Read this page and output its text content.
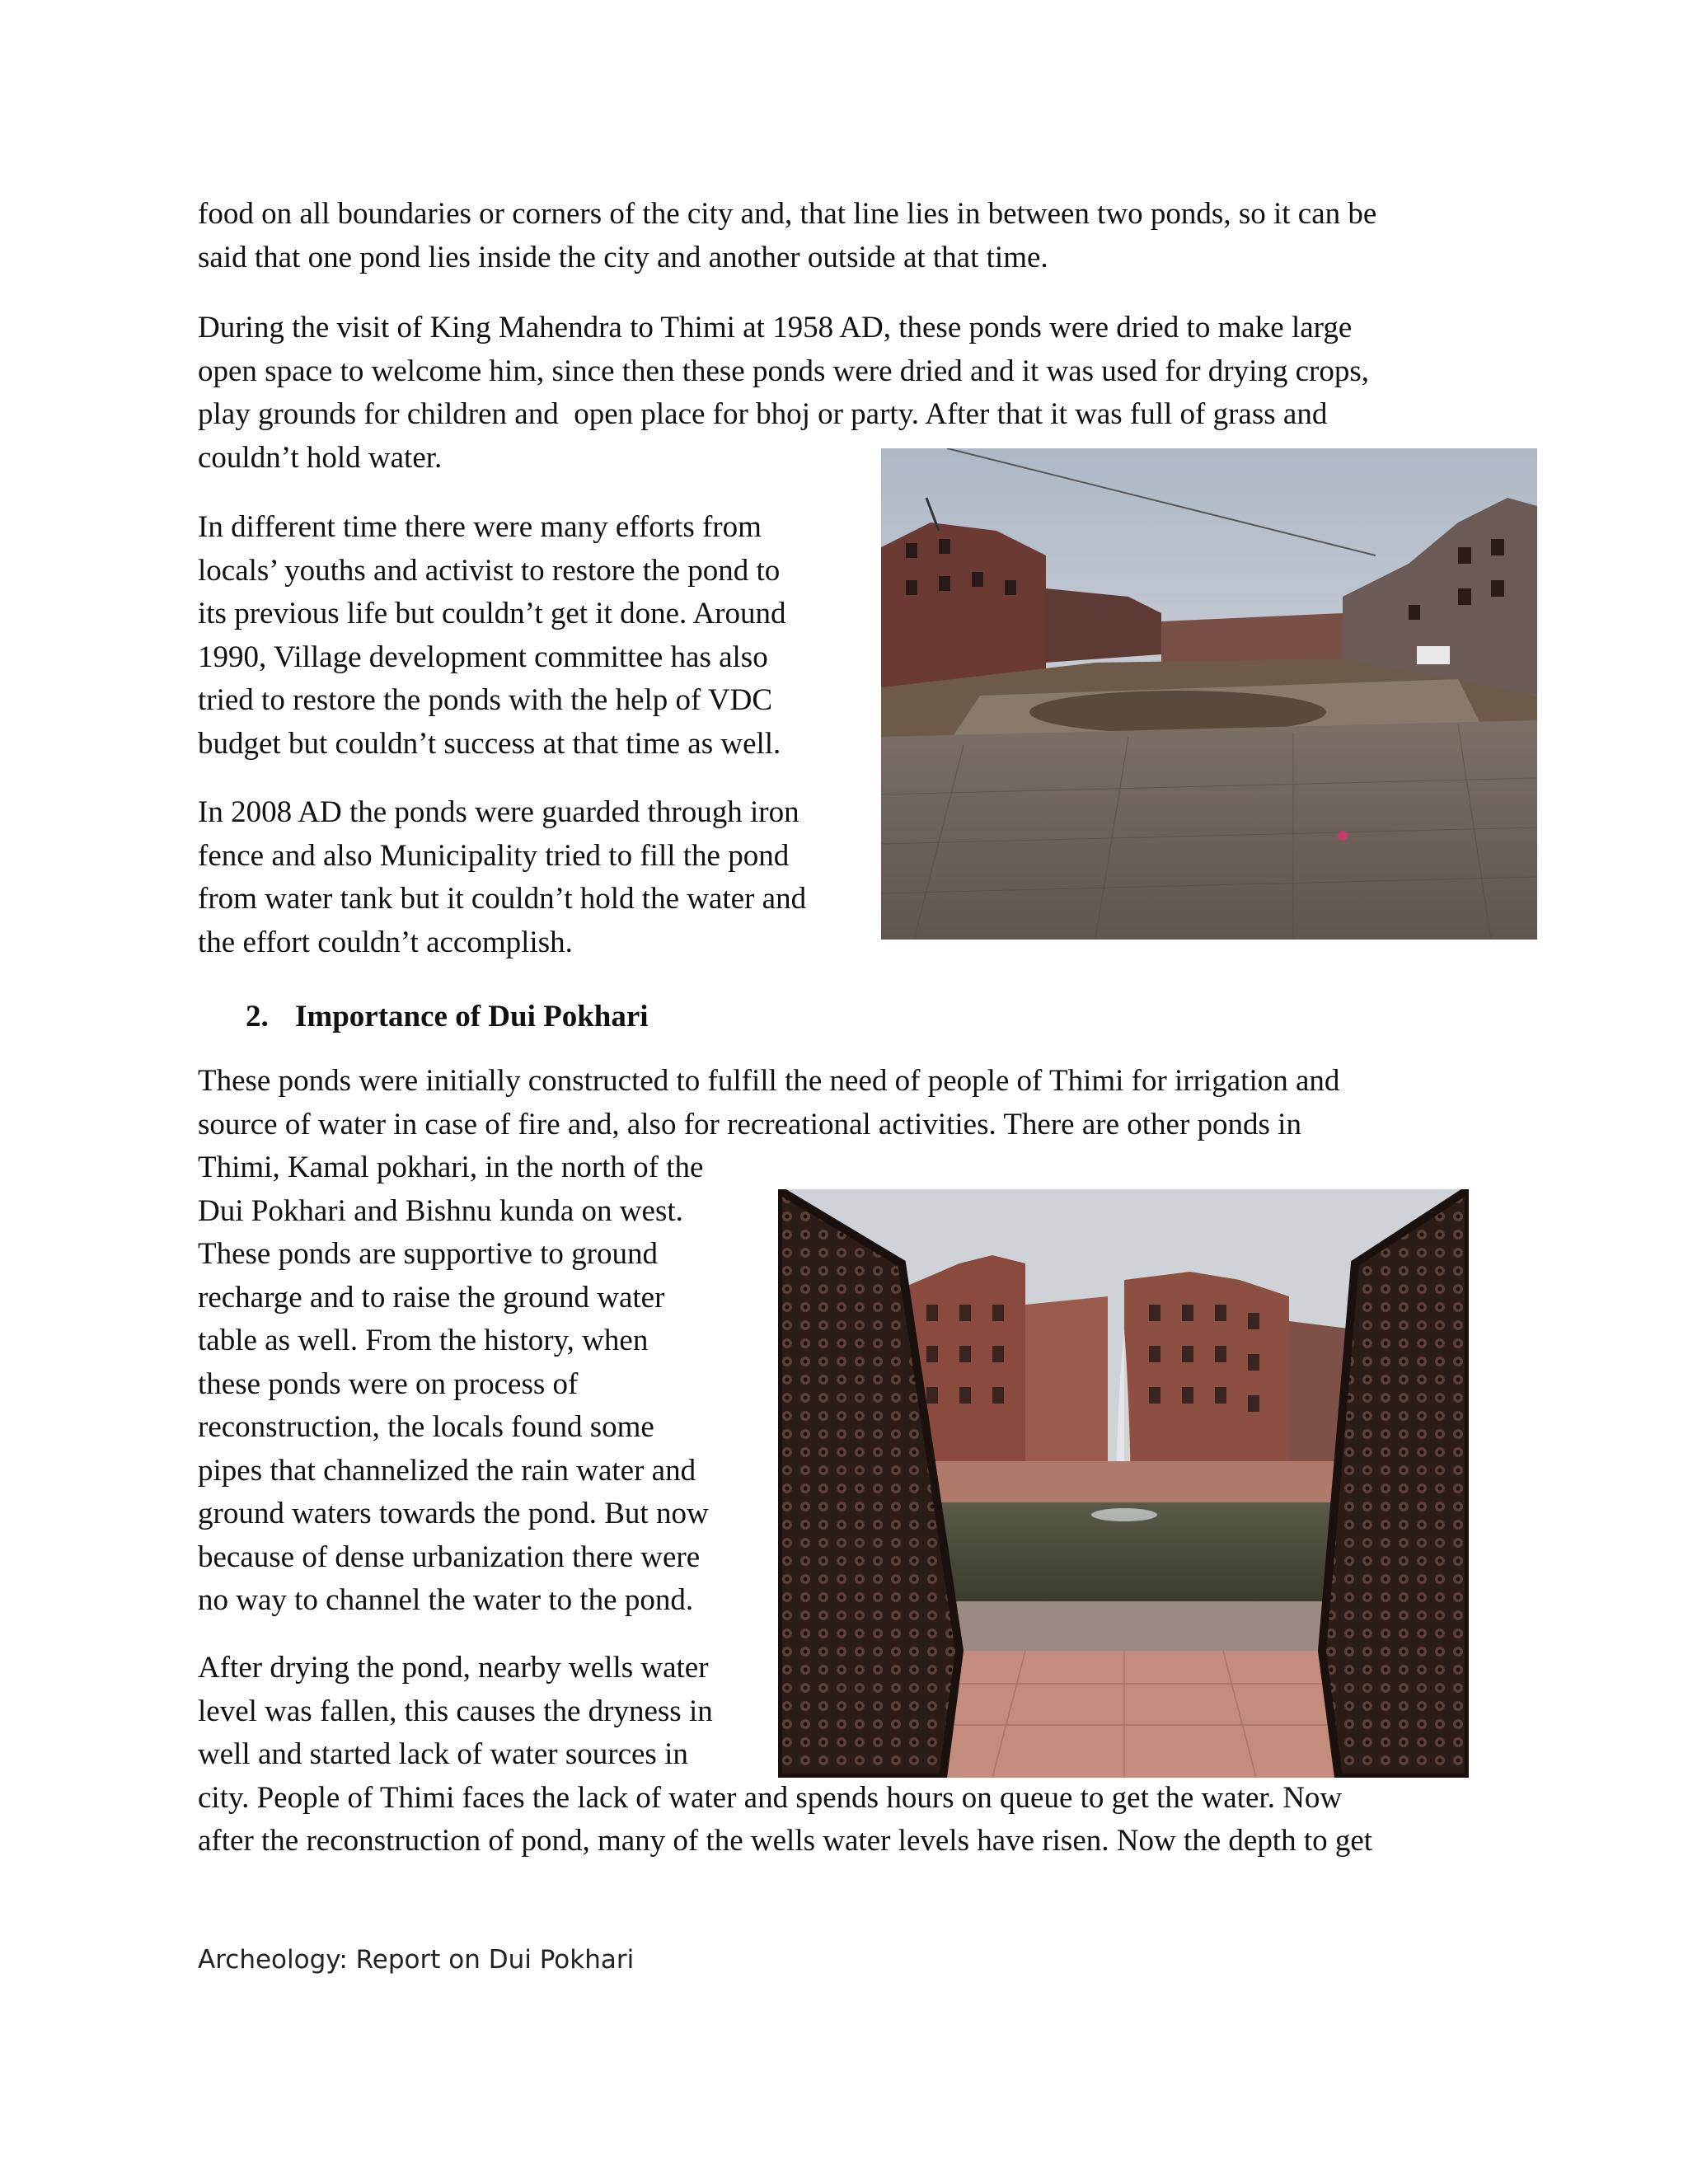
food on all boundaries or corners of the city and, that line lies in between two ponds, so it can be
said that one pond lies inside the city and another outside at that time.

During the visit of King Mahendra to Thimi at 1958 AD, these ponds were dried to make large
open space to welcome him, since then these ponds were dried and it was used for drying crops,
play grounds for children and  open place for bhoj or party. After that it was full of grass and
couldn’t hold water.

In different time there were many efforts from
locals’ youths and activist to restore the pond to
its previous life but couldn’t get it done. Around
1990, Village development committee has also
tried to restore the ponds with the help of VDC
budget but couldn’t success at that time as well.

In 2008 AD the ponds were guarded through iron
fence and also Municipality tried to fill the pond
from water tank but it couldn’t hold the water and
the effort couldn’t accomplish.

2. Importance of Dui Pokhari

These ponds were initially constructed to fulfill the need of people of Thimi for irrigation and
source of water in case of fire and, also for recreational activities. There are other ponds in
Thimi, Kamal pokhari, in the north of the
Dui Pokhari and Bishnu kunda on west.
These ponds are supportive to ground
recharge and to raise the ground water
table as well. From the history, when
these ponds were on process of
reconstruction, the locals found some
pipes that channelized the rain water and
ground waters towards the pond. But now
because of dense urbanization there were
no way to channel the water to the pond.

After drying the pond, nearby wells water
level was fallen, this causes the dryness in
well and started lack of water sources in
city. People of Thimi faces the lack of water and spends hours on queue to get the water. Now
after the reconstruction of pond, many of the wells water levels have risen. Now the depth to get

Archeology: Report on Dui Pokhari
